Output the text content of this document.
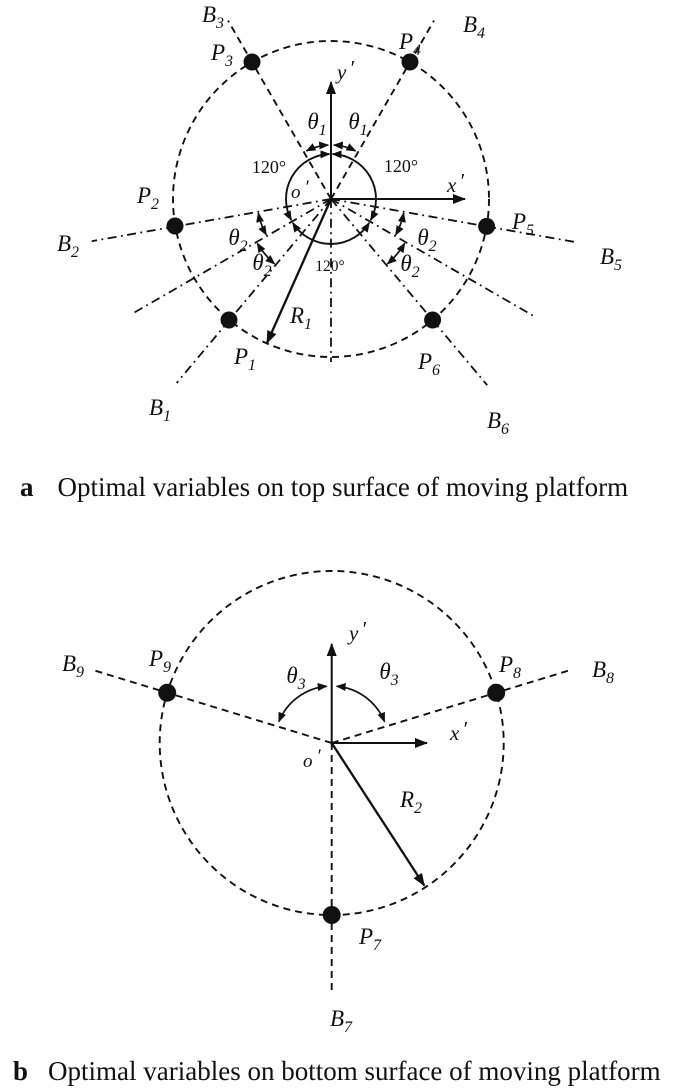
$B_3$
$P_3$
$B_4$
$P_4$
y ′
x ′
$\theta_1$ $\theta_1$
120°	120°
120°
o ′
$P_2$
$B_2$
$P_5$
$B_5$
$\theta_2$
$\theta_2$
$\theta_2$
$\theta_2$
$R_1$
$P_1$
$B_1$
$P_6$
$B_6$
y ′
x ′
o ′
$\theta_3$
$\theta_3$
$P_9$
$B_9$	$P_8$	$B_8$
$R_2$
$P_7$
$B_7$
a Optimal variables on top surface of moving platform
b Optimal variables on bottom surface of moving platform
